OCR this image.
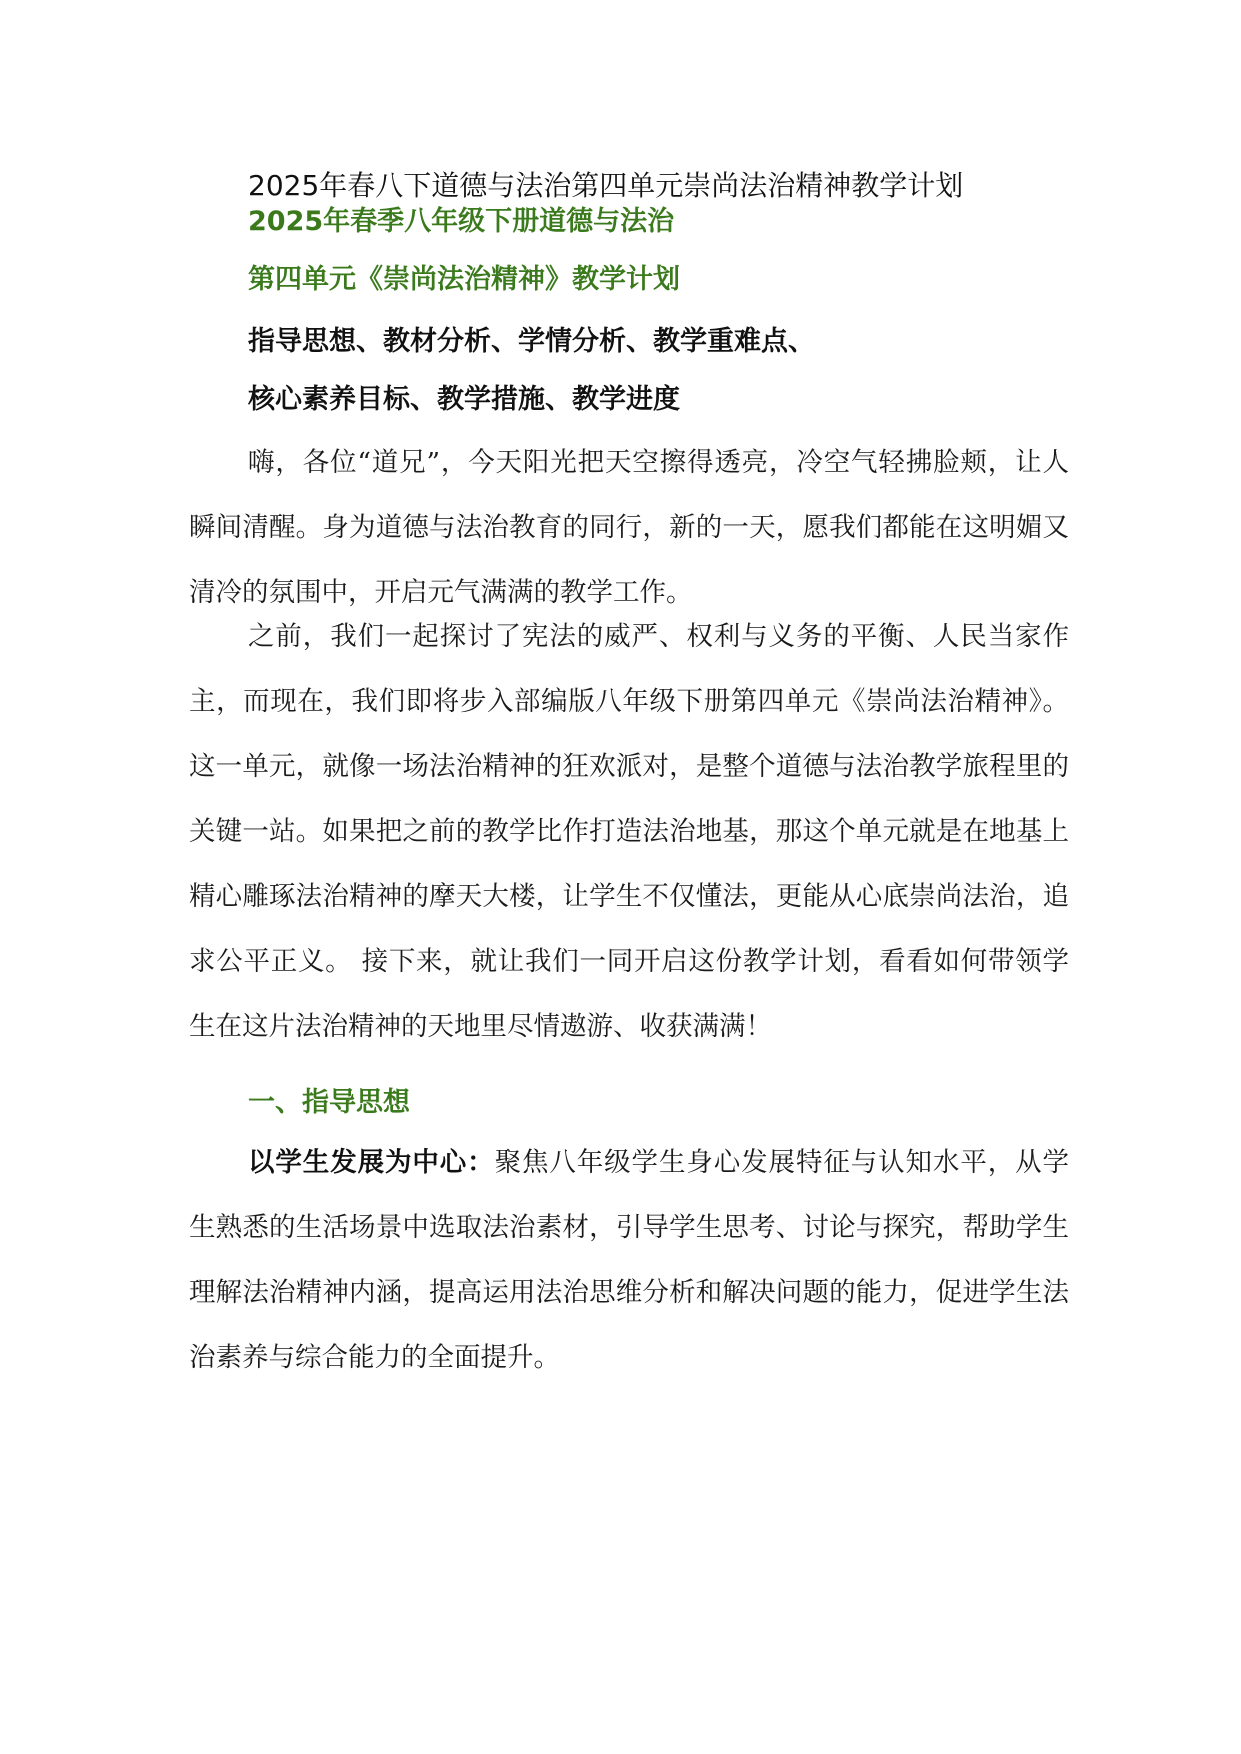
2025年春八下道德与法治第四单元崇尚法治精神教学计划
2025年春季八年级下册道德与法治
第四单元《崇尚法治精神》教学计划
指导思想、教材分析、学情分析、教学重难点、
核心素养目标、教学措施、教学进度

嗨，各位“道兄”，今天阳光把天空擦得透亮，冷空气轻拂脸颊，让人瞬间清醒。身为道德与法治教育的同行，新的一天，愿我们都能在这明媚又清冷的氛围中，开启元气满满的教学工作。

之前，我们一起探讨了宪法的威严、权利与义务的平衡、人民当家作主，而现在，我们即将步入部编版八年级下册第四单元《崇尚法治精神》。这一单元，就像一场法治精神的狂欢派对，是整个道德与法治教学旅程里的关键一站。如果把之前的教学比作打造法治地基，那这个单元就是在地基上精心雕琢法治精神的摩天大楼，让学生不仅懂法，更能从心底崇尚法治，追求公平正义。 接下来，就让我们一同开启这份教学计划，看看如何带领学生在这片法治精神的天地里尽情遨游、收获满满！

一、指导思想

以学生发展为中心：聚焦八年级学生身心发展特征与认知水平，从学生熟悉的生活场景中选取法治素材，引导学生思考、讨论与探究，帮助学生理解法治精神内涵，提高运用法治思维分析和解决问题的能力，促进学生法治素养与综合能力的全面提升。
